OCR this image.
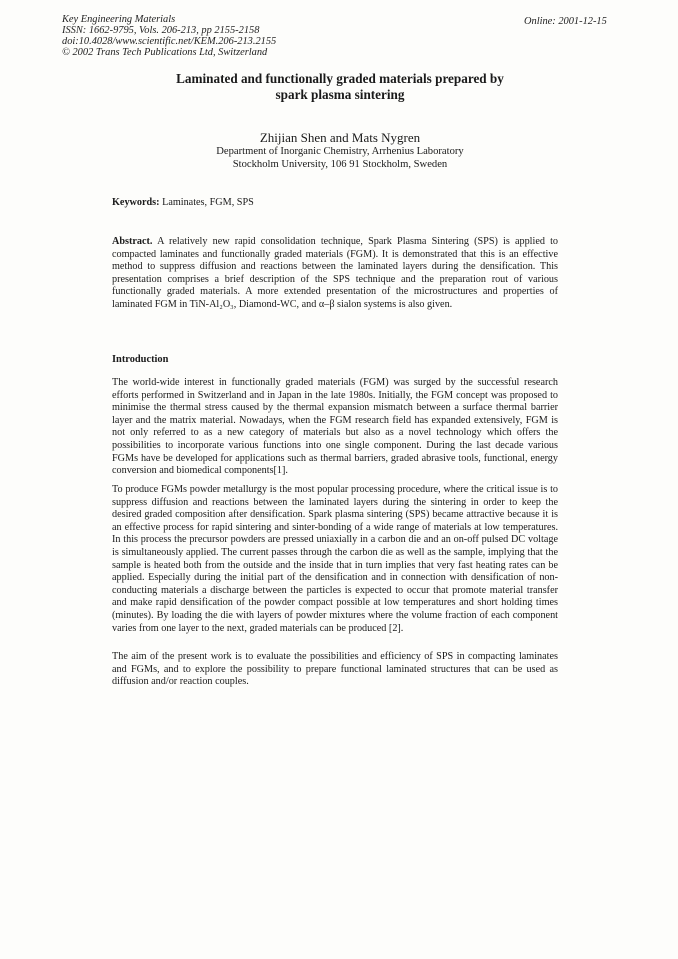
Key Engineering Materials
ISSN: 1662-9795, Vols. 206-213, pp 2155-2158
doi:10.4028/www.scientific.net/KEM.206-213.2155
© 2002 Trans Tech Publications Ltd, Switzerland
Online: 2001-12-15
Laminated and functionally graded materials prepared by
spark plasma sintering
Zhijian Shen and Mats Nygren
Department of Inorganic Chemistry, Arrhenius Laboratory
Stockholm University, 106 91 Stockholm, Sweden
Keywords: Laminates, FGM, SPS
Abstract. A relatively new rapid consolidation technique, Spark Plasma Sintering (SPS) is applied to compacted laminates and functionally graded materials (FGM). It is demonstrated that this is an effective method to suppress diffusion and reactions between the laminated layers during the densification. This presentation comprises a brief description of the SPS technique and the preparation rout of various functionally graded materials. A more extended presentation of the microstructures and properties of laminated FGM in TiN-Al₂O₃, Diamond-WC, and α–β sialon systems is also given.
Introduction
The world-wide interest in functionally graded materials (FGM) was surged by the successful research efforts performed in Switzerland and in Japan in the late 1980s. Initially, the FGM concept was proposed to minimise the thermal stress caused by the thermal expansion mismatch between a surface thermal barrier layer and the matrix material. Nowadays, when the FGM research field has expanded extensively, FGM is not only referred to as a new category of materials but also as a novel technology which offers the possibilities to incorporate various functions into one single component. During the last decade various FGMs have be developed for applications such as thermal barriers, graded abrasive tools, functional, energy conversion and biomedical components[1].
To produce FGMs powder metallurgy is the most popular processing procedure, where the critical issue is to suppress diffusion and reactions between the laminated layers during the sintering in order to keep the desired graded composition after densification. Spark plasma sintering (SPS) became attractive because it is an effective process for rapid sintering and sinter-bonding of a wide range of materials at low temperatures. In this process the precursor powders are pressed uniaxially in a carbon die and an on-off pulsed DC voltage is simultaneously applied. The current passes through the carbon die as well as the sample, implying that the sample is heated both from the outside and the inside that in turn implies that very fast heating rates can be applied. Especially during the initial part of the densification and in connection with densification of non-conducting materials a discharge between the particles is expected to occur that promote material transfer and make rapid densification of the powder compact possible at low temperatures and short holding times (minutes). By loading the die with layers of powder mixtures where the volume fraction of each component varies from one layer to the next, graded materials can be produced [2].
The aim of the present work is to evaluate the possibilities and efficiency of SPS in compacting laminates and FGMs, and to explore the possibility to prepare functional laminated structures that can be used as diffusion and/or reaction couples.
